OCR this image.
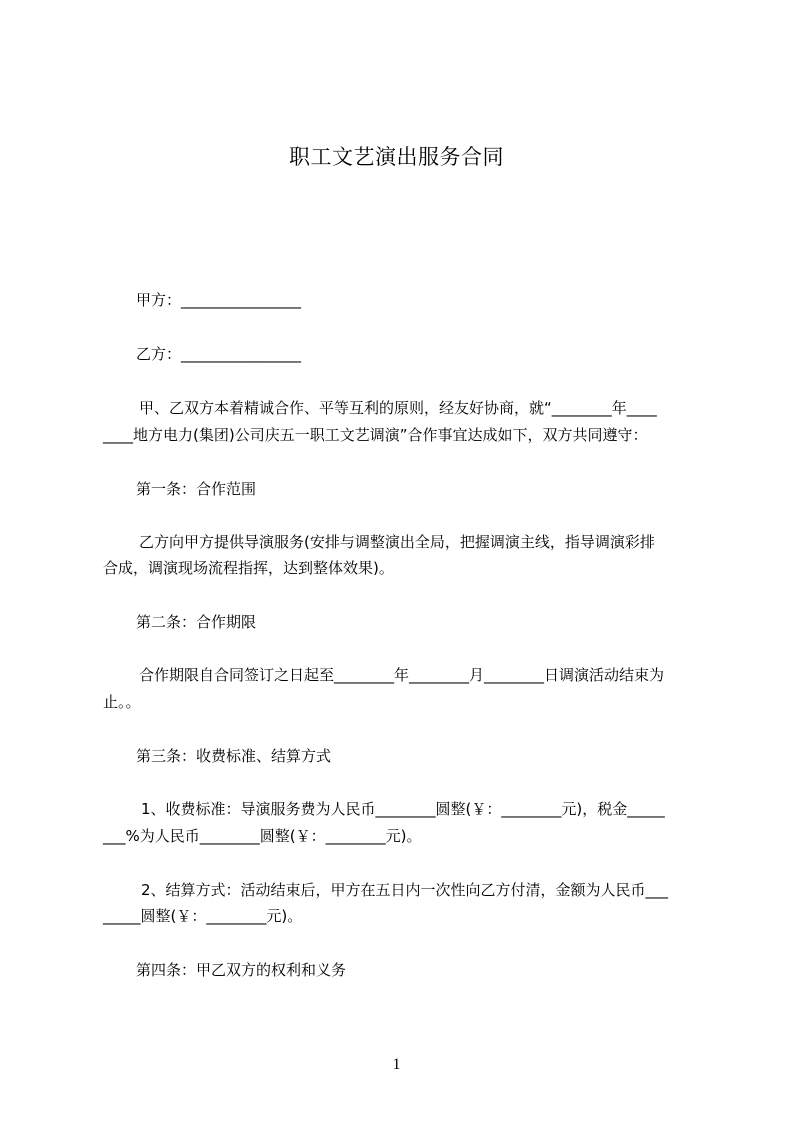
职工文艺演出服务合同
甲方：________________
乙方：________________
甲、乙双方本着精诚合作、平等互利的原则，经友好协商，就“________年____
____地方电力(集团)公司庆五一职工文艺调演”合作事宜达成如下，双方共同遵守：
第一条：合作范围
乙方向甲方提供导演服务(安排与调整演出全局，把握调演主线，指导调演彩排
合成，调演现场流程指挥，达到整体效果)。
第二条：合作期限
合作期限自合同签订之日起至________年________月________日调演活动结束为
止。。
第三条：收费标准、结算方式
1、收费标准：导演服务费为人民币________圆整(￥：________元)，税金_____
___%为人民币________圆整(￥：________元)。
2、结算方式：活动结束后，甲方在五日内一次性向乙方付清，金额为人民币___
_____圆整(￥：________元)。
第四条：甲乙双方的权利和义务
1
